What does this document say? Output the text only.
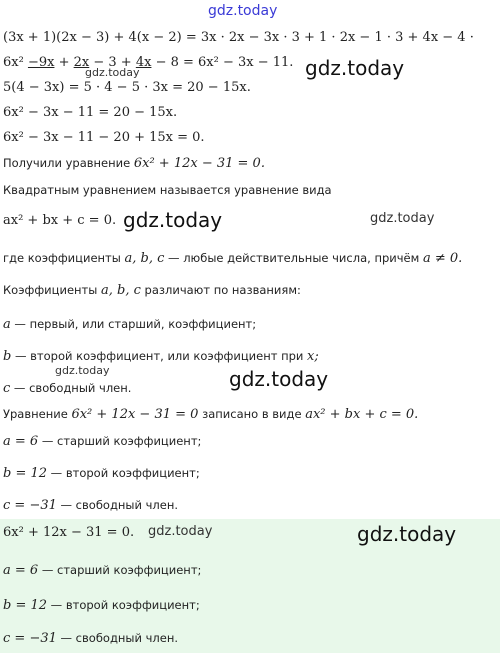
gdz.today
(3x + 1)(2x − 3) + 4(x − 2) = 3x · 2x − 3x · 3 + 1 · 2x − 1 · 3 + 4x − 4 ·
6x² −9x + 2x − 3 + 4x − 8 = 6x² − 3x − 11.
gdz.today	gdz.today
5(4 − 3x) = 5 · 4 − 5 · 3x = 20 − 15x.
6x² − 3x − 11 = 20 − 15x.
6x² − 3x − 11 − 20 + 15x = 0.
Получили уравнение 6x² + 12x − 31 = 0.
Квадратным уравнением называется уравнение вида
ax² + bx + c = 0. gdz.today	gdz.today
где коэффициенты a, b, c — любые действительные числа, причём a ≠ 0.
Коэффициенты a, b, c различают по названиям:
a — первый, или старший, коэффициент;
b — второй коэффициент, или коэффициент при x;
gdz.today	gdz.today
c — свободный член.
Уравнение 6x² + 12x − 31 = 0 записано в виде ax² + bx + c = 0.
a = 6 — старший коэффициент;
b = 12 — второй коэффициент;
c = −31 — свободный член.
6x² + 12x − 31 = 0. gdz.today	gdz.today
a = 6 — старший коэффициент;
b = 12 — второй коэффициент;
c = −31 — свободный член.
